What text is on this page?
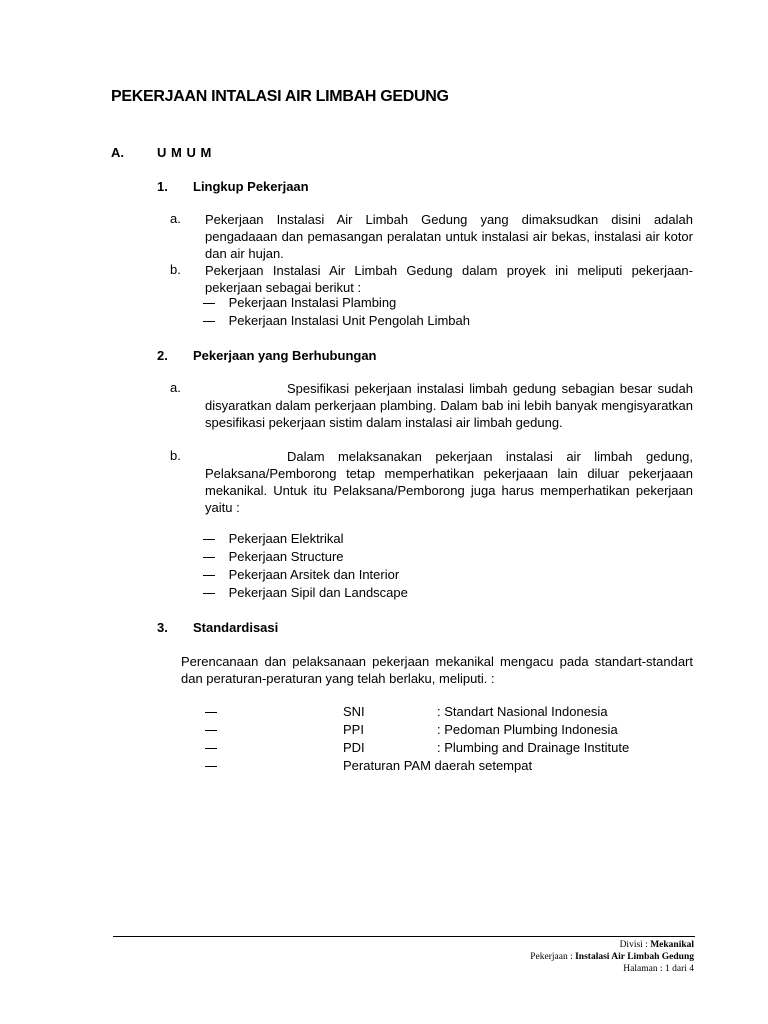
PEKERJAAN INTALASI AIR LIMBAH GEDUNG
A.	U M U M
1. Lingkup Pekerjaan
a. Pekerjaan Instalasi Air Limbah Gedung yang dimaksudkan disini adalah pengadaaan dan pemasangan peralatan untuk instalasi air bekas, instalasi air kotor dan air hujan.
b. Pekerjaan Instalasi Air Limbah Gedung dalam proyek ini meliputi pekerjaan-pekerjaan sebagai berikut :
Pekerjaan Instalasi Plambing
Pekerjaan Instalasi Unit Pengolah Limbah
2. Pekerjaan yang Berhubungan
a.	Spesifikasi pekerjaan instalasi limbah gedung sebagian besar sudah disyaratkan dalam perkerjaan plambing. Dalam bab ini lebih banyak mengisyaratkan spesifikasi pekerjaan sistim dalam instalasi air limbah gedung.
b.	Dalam melaksanakan pekerjaan instalasi air limbah gedung, Pelaksana/Pemborong tetap memperhatikan pekerjaaan lain diluar pekerjaaan mekanikal. Untuk itu Pelaksana/Pemborong juga harus memperhatikan pekerjaan yaitu :
Pekerjaan Elektrikal
Pekerjaan Structure
Pekerjaan Arsitek dan Interior
Pekerjaan Sipil dan Landscape
3. Standardisasi
Perencanaan dan pelaksanaan pekerjaan mekanikal mengacu pada standart-standart dan peraturan-peraturan yang telah berlaku, meliputi. :
SNI	: Standart Nasional Indonesia
PPI	: Pedoman Plumbing Indonesia
PDI	: Plumbing and Drainage Institute
Peraturan PAM daerah setempat
Divisi : Mekanikal
Pekerjaan : Instalasi Air Limbah Gedung
Halaman : 1 dari 4
